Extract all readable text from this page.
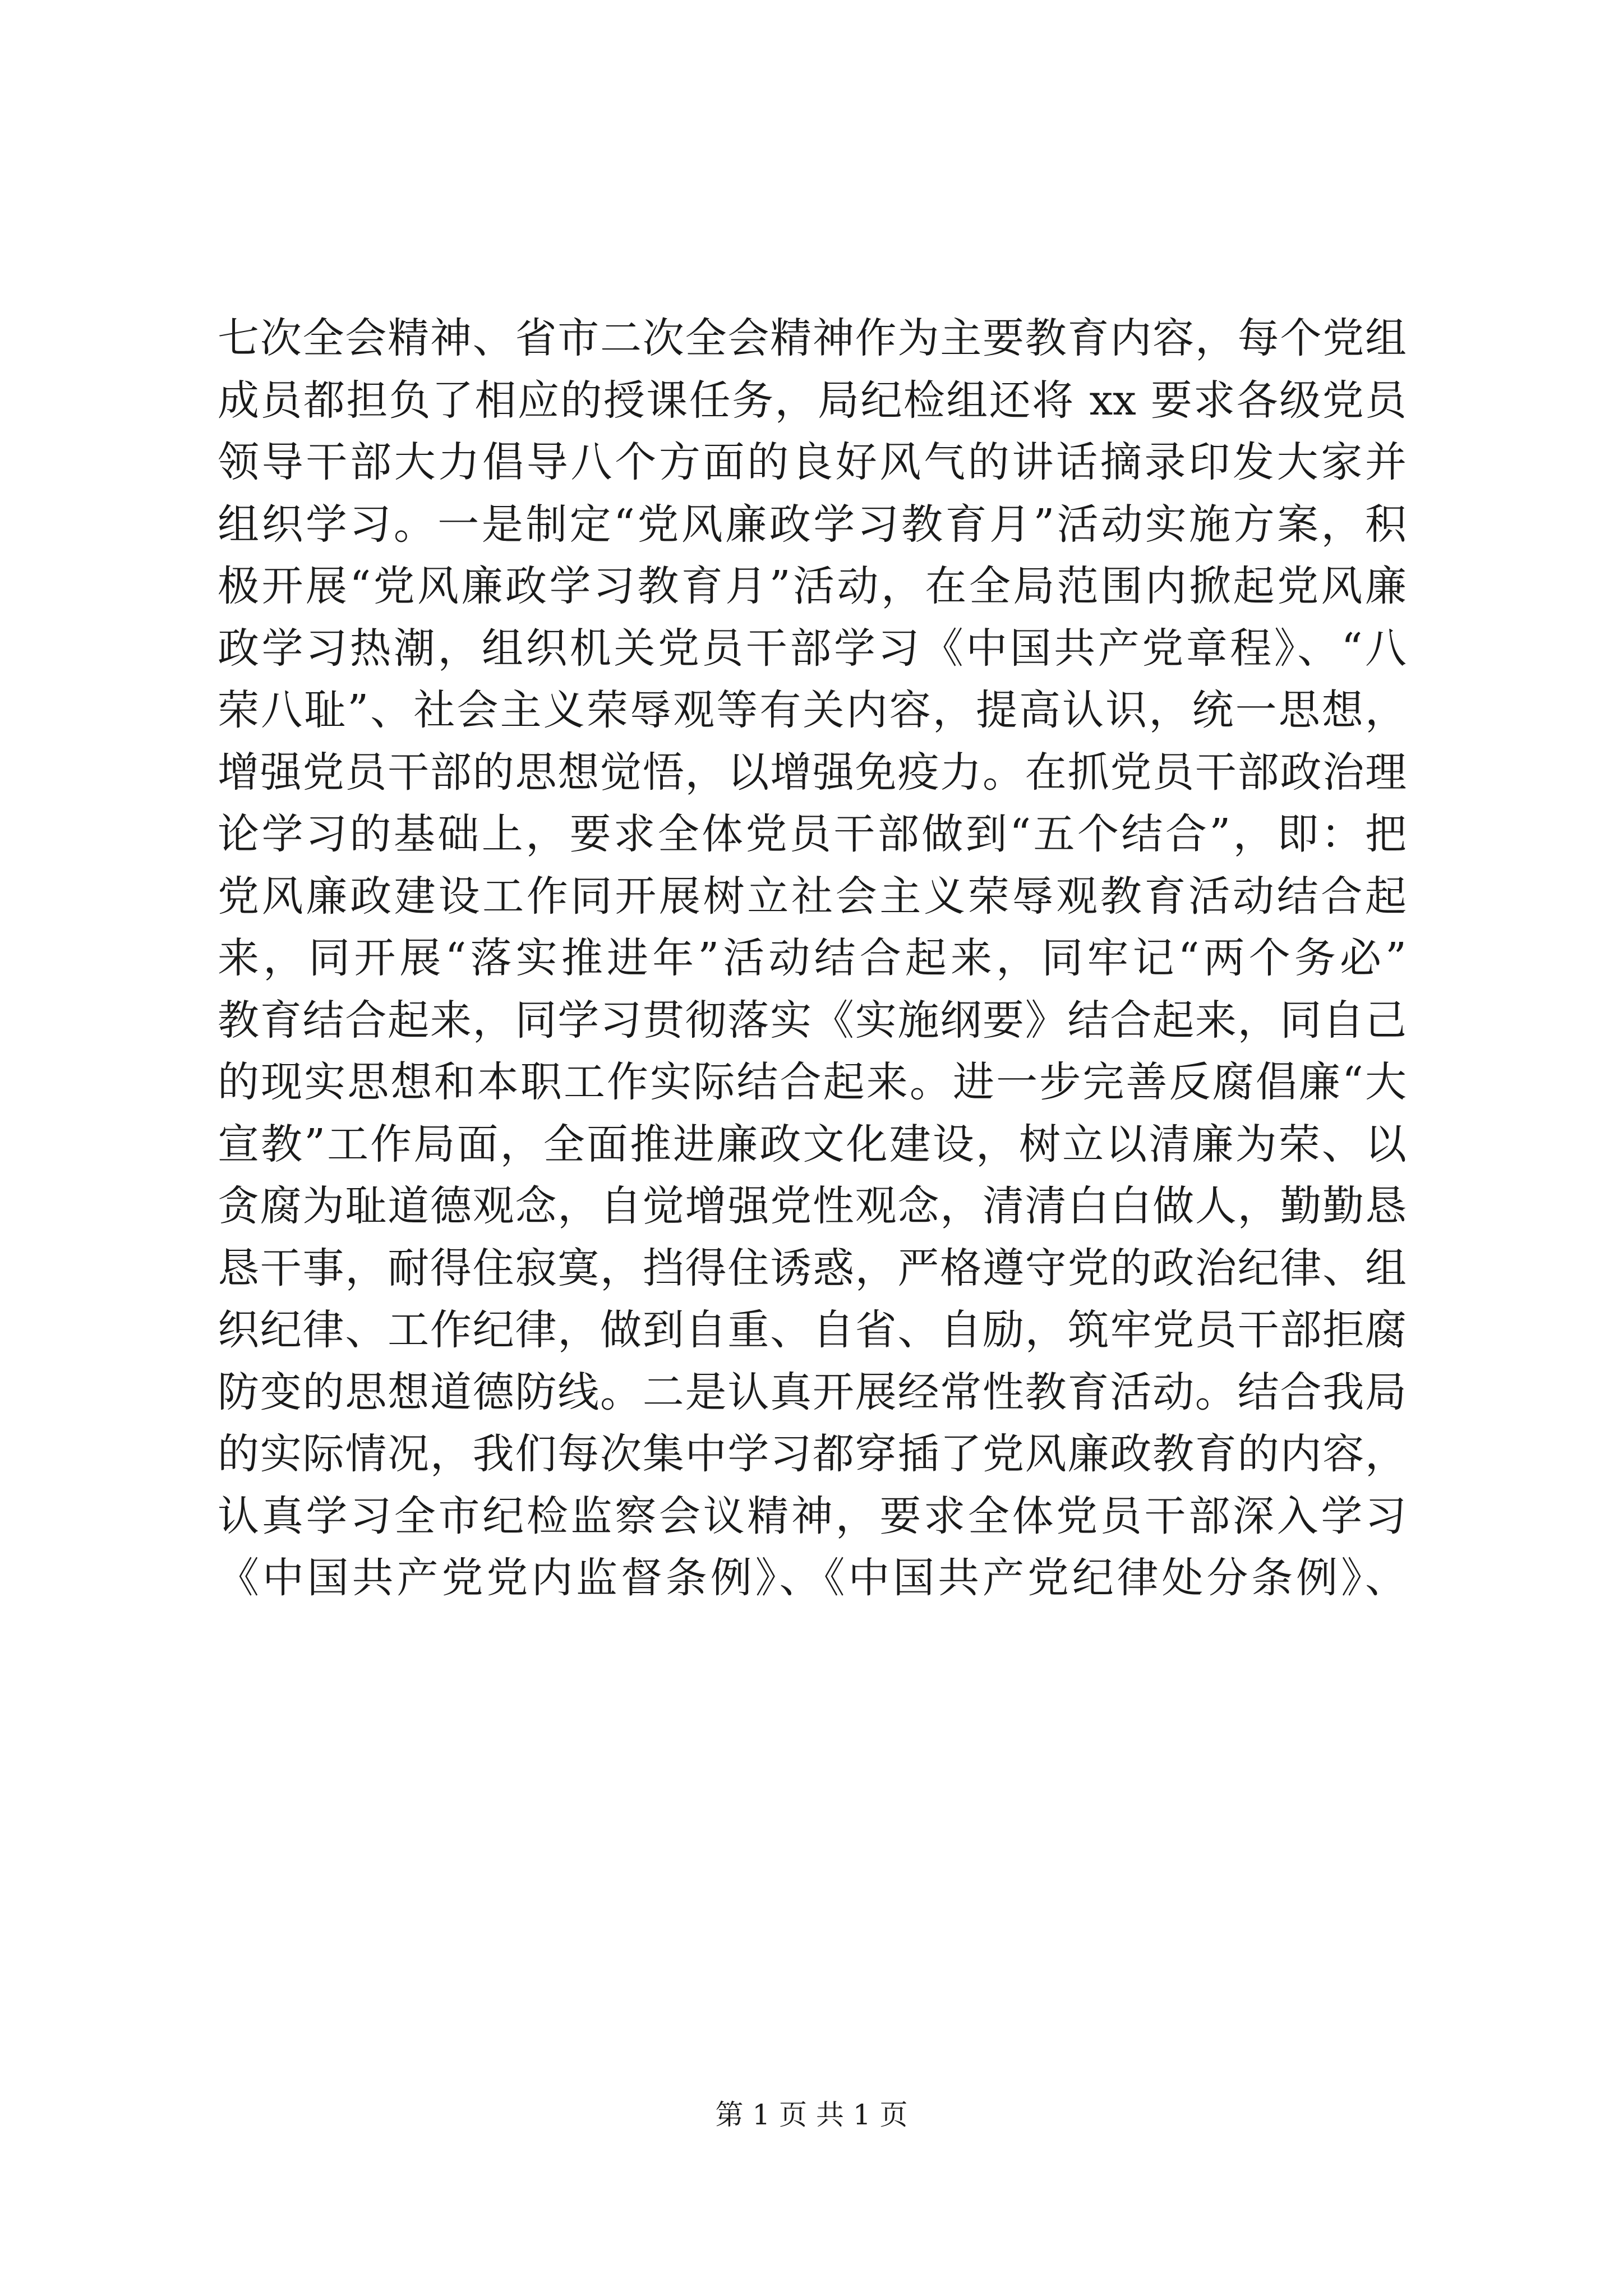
七次全会精神、省市二次全会精神作为主要教育内容，每个党组
成员都担负了相应的授课任务，局纪检组还将 xx 要求各级党员
领导干部大力倡导八个方面的良好风气的讲话摘录印发大家并
组织学习。一是制定“党风廉政学习教育月”活动实施方案，积
极开展“党风廉政学习教育月”活动，在全局范围内掀起党风廉
政学习热潮，组织机关党员干部学习《中国共产党章程》、“八
荣八耻”、社会主义荣辱观等有关内容，提高认识，统一思想，
增强党员干部的思想觉悟，以增强免疫力。在抓党员干部政治理
论学习的基础上，要求全体党员干部做到“五个结合”，即：把
党风廉政建设工作同开展树立社会主义荣辱观教育活动结合起
来，同开展“落实推进年”活动结合起来，同牢记“两个务必”
教育结合起来，同学习贯彻落实《实施纲要》结合起来，同自己
的现实思想和本职工作实际结合起来。进一步完善反腐倡廉“大
宣教”工作局面，全面推进廉政文化建设，树立以清廉为荣、以
贪腐为耻道德观念，自觉增强党性观念，清清白白做人，勤勤恳
恳干事，耐得住寂寞，挡得住诱惑，严格遵守党的政治纪律、组
织纪律、工作纪律，做到自重、自省、自励，筑牢党员干部拒腐
防变的思想道德防线。二是认真开展经常性教育活动。结合我局
的实际情况，我们每次集中学习都穿插了党风廉政教育的内容，
认真学习全市纪检监察会议精神，要求全体党员干部深入学习
《中国共产党党内监督条例》、《中国共产党纪律处分条例》、
第 1 页 共 1 页
